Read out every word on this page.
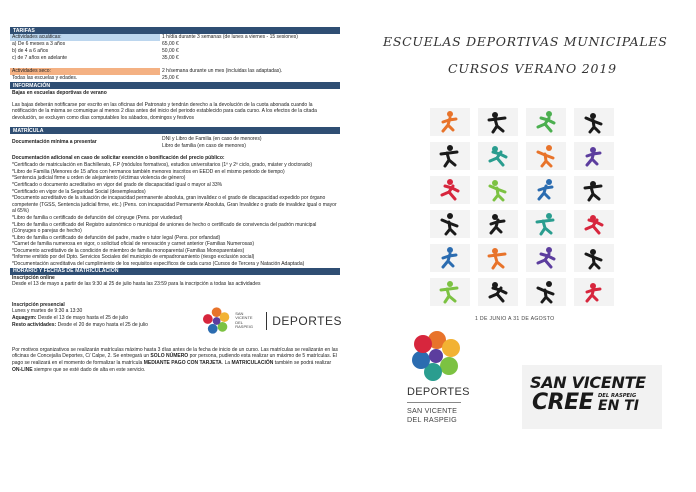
TARIFAS
Actividades acuáticas:	1 h/día durante 3 semanas (de lunes a viernes - 15 sesiones)
a) De 6 meses a 3 años	65,00 €
b) de 4 a 6 años	50,00 €
c) de 7 años en adelante	35,00 €
Actividades seco:	2 h/semana durante un mes (incluidas las adaptadas).
Todas las escuelas y edades.	25,00 €
INFORMACIÓN
Bajas en escuelas deportivas de verano
Las bajas deberán notificarse por escrito en las oficinas del Patronato y tendrán derecho a la devolución de la cuota abonada cuando la notificación de la misma se comunique al menos 2 días antes del inicio del periodo establecido para cada curso. A los efectos de la citada devolución, se excluyen como días computables los sábados, domingos y festivos
MATRÍCULA
Documentación mínima a presentar	DNI y Libro de Familia (en caso de menores)
Libro de familia (en caso de menores)
Documentación adicional en caso de solicitar exención o bonificación del precio público:
*Certificado de matriculación en Bachillerato, F.P (módulos formativos), estudios universitarios (1º y 2º ciclo, grado, máster y doctorado)
*Libro de Familia (Menores de 15 años con hermanos también menores inscritos en EEDD en el mismo periodo de tiempo)
*Sentencia judicial firme u orden de alejamiento (víctimas violencia de género)
*Certificado o documento acreditativo en vigor del grado de discapacidad igual o mayor al 33%
*Certificado en vigor de la Seguridad Social (desempleados)
*Documento acreditativo de la situación de incapacidad permanente absoluta, gran invalidez o el grado de discapacidad expedido por órgano competente (TGSS, Sentencia judicial firme, etc.) (Pens. con incapacidad Permanente Absoluta, Gran Invalidez o grado de invalidez igual o mayor al 65%)
*Libro de familia o certificado de defunción del cónyuge (Pens. por viudedad)
*Libro de familia o certificado del Registro autonómico o municipal de uniones de hecho o certificado de convivencia del padrón municipal (Cónyuges o parejas de hecho)
*Libro de familia o certificado de defunción del padre, madre o tutor legal (Pens. por orfandad)
*Carnet de familia numerosa en vigor, o solicitud oficial de renovación y carnet anterior (Familias Numerosas)
*Documento acreditativo de la condición de miembro de familia monoparental (Familias Monoparentales)
*Informe emitido por del Dpto. Servicios Sociales del municipio de empadronamiento (riesgo exclusión social)
*Documentación acreditativa del cumplimiento de los requisitos específicos de cada curso (Cursos de Tercera y Natación Adaptada)
HORARIO Y FECHAS DE MATRICULACIÓN
Inscripción online
Desde el 13 de mayo a partir de las 9:30 al 25 de julio hasta las 23:59 para la inscripción a todas las actividades
Inscripción presencial
Lunes y martes de 9:30 a 13:30
Aquagym: Desde el 13 de mayo hasta el 25 de julio
Resto actividades: Desde el 20 de mayo hasta el 25 de julio
SAN VICENTE
DEL RASPEIG	DEPORTES
Por motivos organizativos se realizarán matrículas máximo hasta 3 días antes de la fecha de inicio de un curso. Las matrículas se realizarán en las oficinas de Concejalía Deportes, C/ Calpe, 2. Se entregará un SOLO NÚMERO por persona, pudiendo esta realizar un máximo de 5 matrículas. El pago se realizará en el momento de formalizar la matrícula MEDIANTE PAGO CON TARJETA. La MATRICULACIÓN también se podrá realizar ON-LINE siempre que se esté dado de alta en este servicio.
ESCUELAS DEPORTIVAS MUNICIPALES
CURSOS VERANO 2019
1 DE JUNIO A 31 DE AGOSTO
DEPORTES
SAN VICENTE
DEL RASPEIG
SAN VICENTE
CREE DEL RASPEIG
EN TI
